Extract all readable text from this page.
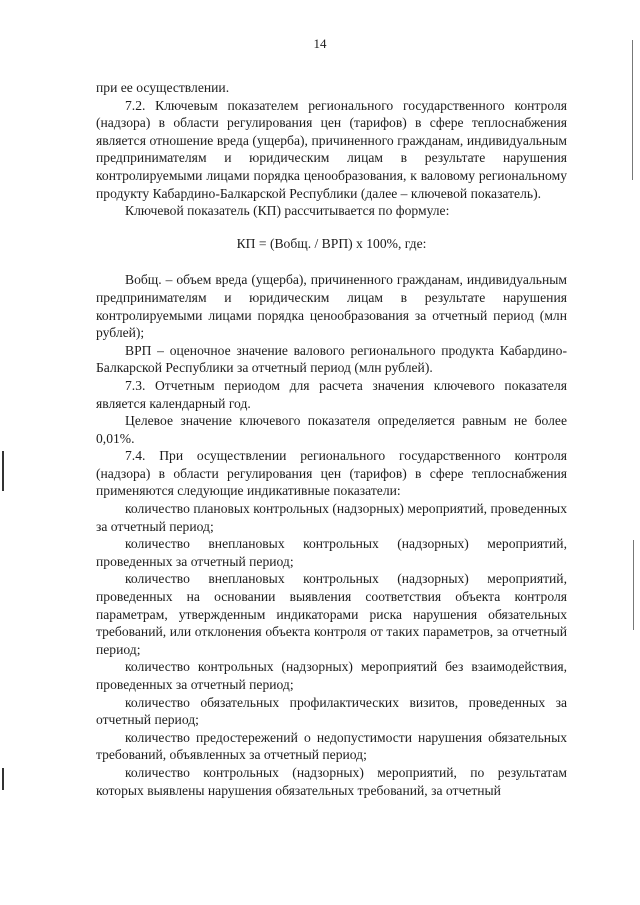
14

при ее осуществлении.

7.2. Ключевым показателем регионального государственного контроля (надзора) в области регулирования цен (тарифов) в сфере теплоснабжения является отношение вреда (ущерба), причиненного гражданам, индивидуальным предпринимателям и юридическим лицам в результате нарушения контролируемыми лицами порядка ценообразования, к валовому региональному продукту Кабардино-Балкарской Республики (далее – ключевой показатель).

Ключевой показатель (КП) рассчитывается по формуле:

КП = (Вобщ. / ВРП) х 100%, где:

Вобщ. – объем вреда (ущерба), причиненного гражданам, индивидуальным предпринимателям и юридическим лицам в результате нарушения контролируемыми лицами порядка ценообразования за отчетный период (млн рублей);

ВРП – оценочное значение валового регионального продукта Кабардино-Балкарской Республики за отчетный период (млн рублей).

7.3. Отчетным периодом для расчета значения ключевого показателя является календарный год.

Целевое значение ключевого показателя определяется равным не более 0,01%.

7.4. При осуществлении регионального государственного контроля (надзора) в области регулирования цен (тарифов) в сфере теплоснабжения применяются следующие индикативные показатели:

количество плановых контрольных (надзорных) мероприятий, проведенных за отчетный период;

количество внеплановых контрольных (надзорных) мероприятий, проведенных за отчетный период;

количество внеплановых контрольных (надзорных) мероприятий, проведенных на основании выявления соответствия объекта контроля параметрам, утвержденным индикаторами риска нарушения обязательных требований, или отклонения объекта контроля от таких параметров, за отчетный период;

количество контрольных (надзорных) мероприятий без взаимодействия, проведенных за отчетный период;

количество обязательных профилактических визитов, проведенных за отчетный период;

количество предостережений о недопустимости нарушения обязательных требований, объявленных за отчетный период;

количество контрольных (надзорных) мероприятий, по результатам которых выявлены нарушения обязательных требований, за отчетный
